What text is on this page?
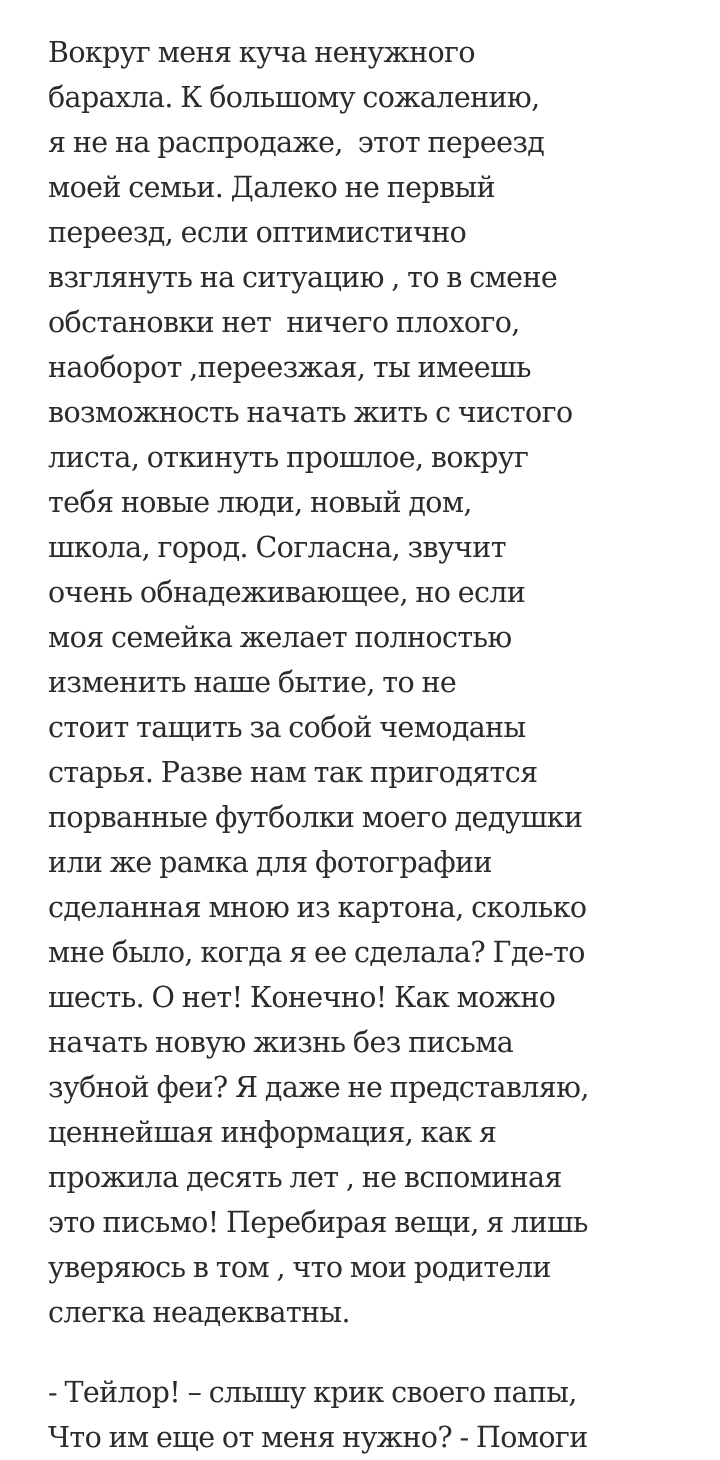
Вокруг меня куча ненужного
барахла. К большому сожалению,
я не на распродаже,  этот переезд
моей семьи. Далеко не первый
переезд, если оптимистично
взглянуть на ситуацию , то в смене
обстановки нет  ничего плохого,
наоборот ,переезжая, ты имеешь
возможность начать жить с чистого
листа, откинуть прошлое, вокруг
тебя новые люди, новый дом,
школа, город. Согласна, звучит
очень обнадеживающее, но если
моя семейка желает полностью
изменить наше бытие, то не
стоит тащить за собой чемоданы
старья. Разве нам так пригодятся
порванные футболки моего дедушки
или же рамка для фотографии
сделанная мною из картона, сколько
мне было, когда я ее сделала? Где-то
шесть. О нет! Конечно! Как можно
начать новую жизнь без письма
зубной феи? Я даже не представляю,
ценнейшая информация, как я
прожила десять лет , не вспоминая
это письмо! Перебирая вещи, я лишь
уверяюсь в том , что мои родители
слегка неадекватны.

- Тейлор! – слышу крик своего папы,
Что им еще от меня нужно? - Помоги
